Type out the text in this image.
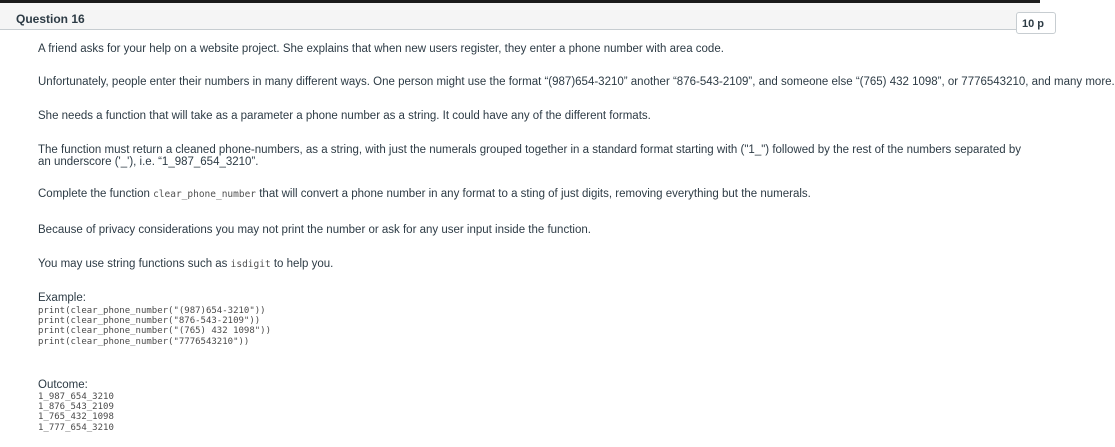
Question 16	10 p

A friend asks for your help on a website project. She explains that when new users register, they enter a phone number with area code.

Unfortunately, people enter their numbers in many different ways. One person might use the format “(987)654-3210” another “876-543-2109”, and someone else “(765) 432 1098”, or 7776543210, and many more.

She needs a function that will take as a parameter a phone number as a string. It could have any of the different formats.

The function must return a cleaned phone-numbers, as a string, with just the numerals grouped together in a standard format starting with ("1_") followed by the rest of the numbers separated by an underscore ('_'), i.e. “1_987_654_3210”.

Complete the function clear_phone_number that will convert a phone number in any format to a sting of just digits, removing everything but the numerals.

Because of privacy considerations you may not print the number or ask for any user input inside the function.

You may use string functions such as isdigit to help you.

Example:

print(clear_phone_number("(987)654-3210"))
print(clear_phone_number("876-543-2109"))
print(clear_phone_number("(765) 432 1098"))
print(clear_phone_number("7776543210"))

Outcome:

1_987_654_3210
1_876_543_2109
1_765_432_1098
1_777_654_3210
